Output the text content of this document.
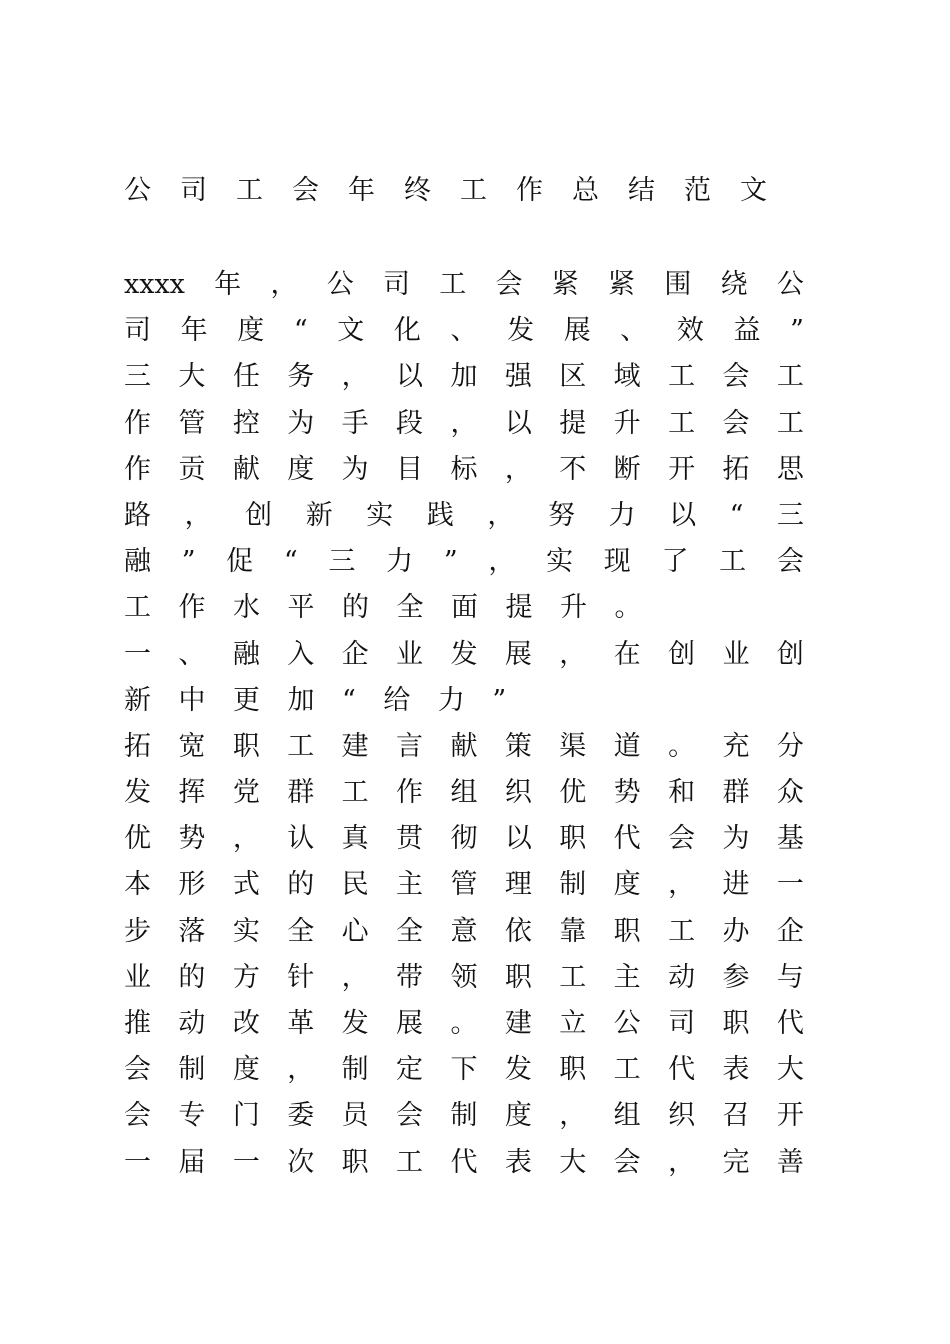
公司工会年终工作总结范文
xxxx 年 ， 公 司 工 会 紧 紧 围 绕 公
司 年 度 “ 文 化 、 发 展 、 效 益 ”
三 大 任 务 ， 以 加 强 区 域 工 会 工
作 管 控 为 手 段 ， 以 提 升 工 会 工
作 贡 献 度 为 目 标 ， 不 断 开 拓 思
路 ， 创 新 实 践 ， 努 力 以 “ 三
融 ” 促 “ 三 力 ” ， 实 现 了 工 会
工 作 水 平 的 全 面 提 升 。
一 、 融 入 企 业 发 展 ， 在 创 业 创
新 中 更 加 “ 给 力 ”
拓 宽 职 工 建 言 献 策 渠 道 。 充 分
发 挥 党 群 工 作 组 织 优 势 和 群 众
优 势 ， 认 真 贯 彻 以 职 代 会 为 基
本 形 式 的 民 主 管 理 制 度 ， 进 一
步 落 实 全 心 全 意 依 靠 职 工 办 企
业 的 方 针 ， 带 领 职 工 主 动 参 与
推 动 改 革 发 展 。 建 立 公 司 职 代
会 制 度 ， 制 定 下 发 职 工 代 表 大
会 专 门 委 员 会 制 度 ， 组 织 召 开
一 届 一 次 职 工 代 表 大 会 ， 完 善
